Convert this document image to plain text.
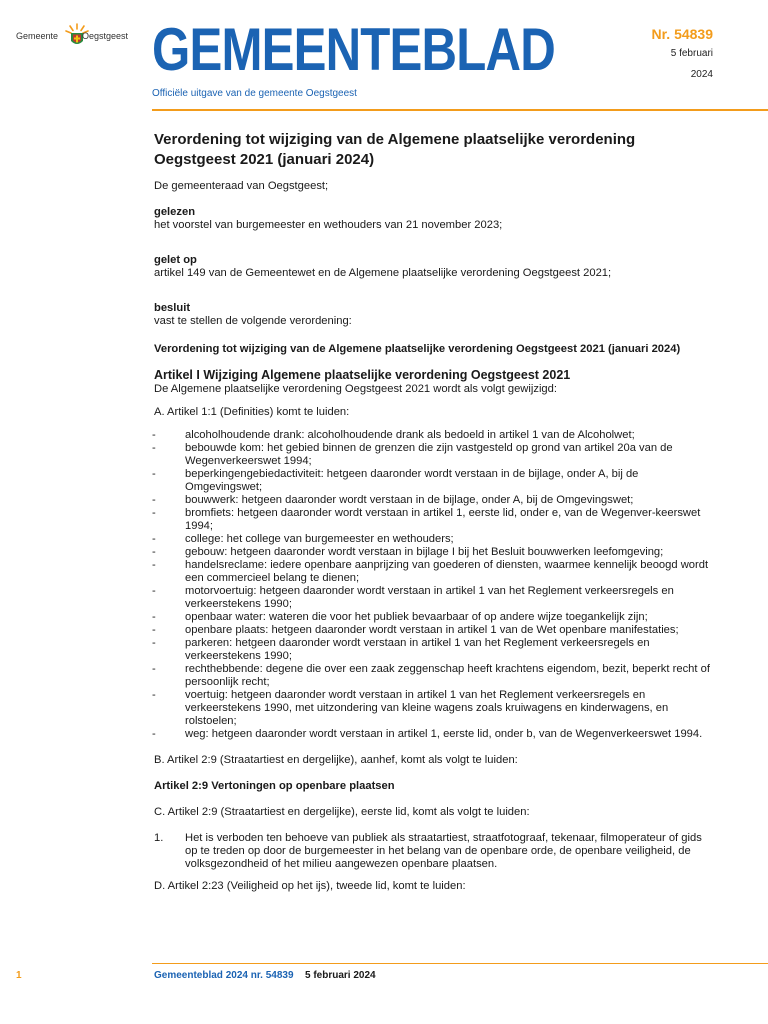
Gemeente	Oegstgeest GEMEENTEBLAD
Officiële uitgave van de gemeente Oegstgeest
Nr. 54839
5 februari
2024
Verordening tot wijziging van de Algemene plaatselijke verordening Oegstgeest 2021 (januari 2024)

De gemeenteraad van Oegstgeest;

gelezen

het voorstel van burgemeester en wethouders van 21 november 2023;

gelet op

artikel 149 van de Gemeentewet en de Algemene plaatselijke verordening Oegstgeest 2021;

besluit

vast te stellen de volgende verordening:

Verordening tot wijziging van de Algemene plaatselijke verordening Oegstgeest 2021 (januari 2024)

Artikel I Wijziging Algemene plaatselijke verordening Oegstgeest 2021

De Algemene plaatselijke verordening Oegstgeest 2021 wordt als volgt gewijzigd:

A. Artikel 1:1 (Definities) komt te luiden:

-	alcoholhoudende drank: alcoholhoudende drank als bedoeld in artikel 1 van de Alcoholwet;
-	bebouwde kom: het gebied binnen de grenzen die zijn vastgesteld op grond van artikel 20a van de Wegenverkeerswet 1994;
-	beperkingengebiedactiviteit: hetgeen daaronder wordt verstaan in de bijlage, onder A, bij de Omgevingswet;
-	bouwwerk: hetgeen daaronder wordt verstaan in de bijlage, onder A, bij de Omgevingswet;
-	bromfiets: hetgeen daaronder wordt verstaan in artikel 1, eerste lid, onder e, van de Wegenver-keerswet 1994;
-	college: het college van burgemeester en wethouders;
-	gebouw: hetgeen daaronder wordt verstaan in bijlage I bij het Besluit bouwwerken leefomgeving;
-	handelsreclame: iedere openbare aanprijzing van goederen of diensten, waarmee kennelijk beoogd wordt een commercieel belang te dienen;
-	motorvoertuig: hetgeen daaronder wordt verstaan in artikel 1 van het Reglement verkeersregels en verkeerstekens 1990;
-	openbaar water: wateren die voor het publiek bevaarbaar of op andere wijze toegankelijk zijn;
-	openbare plaats: hetgeen daaronder wordt verstaan in artikel 1 van de Wet openbare manifestaties;
-	parkeren: hetgeen daaronder wordt verstaan in artikel 1 van het Reglement verkeersregels en verkeerstekens 1990;
-	rechthebbende: degene die over een zaak zeggenschap heeft krachtens eigendom, bezit, beperkt recht of persoonlijk recht;
-	voertuig: hetgeen daaronder wordt verstaan in artikel 1 van het Reglement verkeersregels en verkeerstekens 1990, met uitzondering van kleine wagens zoals kruiwagens en kinderwagens, en rolstoelen;
-	weg: hetgeen daaronder wordt verstaan in artikel 1, eerste lid, onder b, van de Wegenverkeerswet 1994.

B. Artikel 2:9 (Straatartiest en dergelijke), aanhef, komt als volgt te luiden:

Artikel 2:9 Vertoningen op openbare plaatsen

C. Artikel 2:9 (Straatartiest en dergelijke), eerste lid, komt als volgt te luiden:

1. Het is verboden ten behoeve van publiek als straatartiest, straatfotograaf, tekenaar, filmoperateur of gids op te treden op door de burgemeester in het belang van de openbare orde, de openbare veiligheid, de volksgezondheid of het milieu aangewezen openbare plaatsen.

D. Artikel 2:23 (Veiligheid op het ijs), tweede lid, komt te luiden:

1	Gemeenteblad 2024 nr. 54839 5 februari 2024
